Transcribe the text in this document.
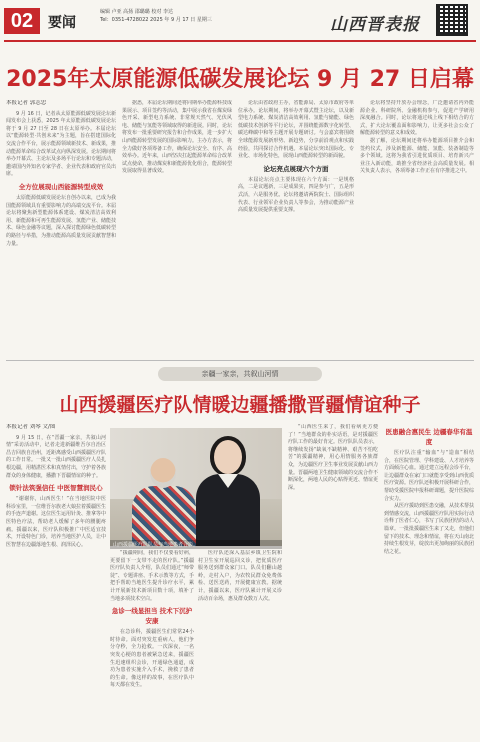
02	要闻
编辑 卢亚 高扬 邵璐璐 校对 李达
Tel：0351-4728022 2025 年 9 月 17 日 星期三	山西晋表报
2025年太原能源低碳发展论坛 9 月 27 日启幕
本报记者 郭志忠

9 月 16 日，记者从太原能源低碳发展论坛新闻发布会上获悉，2025 年太原能源低碳发展论坛将于 9 月 27 日至 28 日在太原举办。本届论坛以“能源转型·共创未来”为主题，旨在搭建国际化交流合作平台，展示能源领域新技术、新成果，推动能源革命综合改革试点向纵深发展。论坛期间将举办开幕式、主论坛及多场平行论坛和专题活动，邀请国内外知名专家学者、企业代表和政府官员出席。

全方位展现山西能源转型成效

太原能源低碳发展论坛自创办以来，已成为我国能源领域具有重要影响力的高端交流平台。本届论坛将聚焦新型能源体系建设、煤炭清洁高效利用、新能源和可再生能源发展、氢能产业、储能技术、绿色金融等议题，深入探讨能源绿色低碳转型的路径与举措，为推动能源高质量发展贡献智慧和力量。

据悉，本届论坛期间还将同期举办能源科技成果展示、项目签约等活动，集中展示我省在煤炭绿色开采、新型电力系统、非常规天然气、光伏风电、储能与氢能等领域取得的新进展。同时，论坛将发布一批重要研究报告和合作成果，进一步扩大山西能源转型发展的国际影响力。主办方表示，将全力做好各项筹备工作，确保论坛安全、有序、高效举办。近年来，山西坚决扛起能源革命综合改革试点使命，推动煤炭和新能源优化组合，能源转型发展取得显著成效。

论坛由省政府主办，省能源局、太原市政府等单位承办。论坛期间，将举办开幕式暨主论坛，以及新型电力系统、煤炭清洁高效利用、氢能与储能、绿色低碳技术创新等平行论坛，并围绕能源数字化转型、碳达峰碳中和等主题开展专题研讨。与会嘉宾将围绕全球能源发展新形势、新趋势，分享前沿观点和实践经验，共同探讨合作机遇。本届论坛突出国际化、专业化、市场化特色，展现山西能源转型的新面貌。

论坛亮点展现六个方面

本届论坛亮点主要体现在六个方面：一是规格高，二是议题新，三是成果实，四是参与广，五是形式活，六是服务优。论坛将邀请两院院士、国际组织代表、行业领军企业负责人等参会，为推动能源产业高质量发展提供重要支撑。

论坛将坚持开放办会理念，广泛邀请省内外能源企业、科研院所、金融机构参与，促进产学研用深度融合。同时，论坛将通过线上线下相结合的方式，扩大论坛覆盖面和影响力，让更多社会公众了解能源转型的意义和成效。

据了解，论坛期间还将举办能源项目推介会和签约仪式，涉及新能源、储能、氢能、装备制造等多个领域。这将为我省引进优质项目、培育新兴产业注入新动能，助推全省经济社会高质量发展。相关负责人表示，各项筹备工作正在有序推进之中。

亲疆一家亲，共叙山河情
山西援疆医疗队情暖边疆播撒晋疆情谊种子
本报记者 刘琴 文/图

9 月 15 日，在“晋疆一家亲，共叙山河情”采访活动中，记者走进新疆维吾尔自治区昌吉回族自治州，近距离感受山西援疆医疗队的工作日常。一批又一批山西援疆医疗人员扎根边疆，用精湛医术和真情付出，守护着各族群众的身体健康，播撒下晋疆情谊的种子。

锁针法筑强信任 中医智慧润民心

“谢谢你，山西医生！”在当地医院中医科诊室里，一位维吾尔族老大娘拉着援疆医生的手连声道谢。这位医生运用针灸、推拿等中医特色疗法，帮助老人缓解了多年的腰腿疼痛。援疆以来，医疗队积极推广中医适宜技术，开设特色门诊，培养当地医护人员，让中医智慧在边疆落地生根、润泽民心。	山西援疆医疗队队员与当地患者合影。

“援疆期间，我们不仅要看好病，更要留下一支带不走的医疗队。”援疆医疗队负责人介绍，队员们通过“师带徒”、专题讲座、手术示教等方式，手把手帮助当地医生提升诊疗水平，累计开展新技术新项目数十项，填补了当地多项技术空白。

急诊一线显担当 技术下沉护安康

在急诊科，援疆医生们常常24小时待命。面对突发危重病人，他们争分夺秒，全力抢救。一次深夜，一名突发心梗的患者被紧急送来，援疆医生迅速组织会诊，开通绿色通道，成功为患者实施介入手术，挽救了患者的生命。像这样的故事，在医疗队中每天都在发生。

医疗队还深入基层乡镇卫生院和村卫生室开展巡回义诊，把优质医疗服务送到群众家门口。队员们翻山越岭，走村入户，为农牧民群众免费体检、送医送药，开展健康宣教。据统计，援疆以来，医疗队累计开展义诊活动百余场，惠及群众数万人次。

“山西医生来了，我们看病更方便了！”当地群众的朴实话语，是对援疆医疗队工作的最好肯定。医疗队队员表示，将继续发扬“缺氧不缺精神、艰苦不怕吃苦”的援疆精神，用心用情服务各族群众，为边疆医疗卫生事业发展贡献山西力量。晋疆两地卫生健康领域的交流合作不断深化，两地人民的心贴得更近、情谊更深。

医患融合惠民生 边疆春华有温度

医疗队注重“输血”与“造血”相结合，在医院管理、学科建设、人才培养等方面倾注心血。通过建立远程会诊平台，让边疆群众在家门口就能享受到山西优质医疗资源。医疗队还积极开展科研合作，帮助受援医院申报科研课题，提升医院综合实力。

从医疗援助到医患交融，从技术帮扶到情感交流，山西援疆医疗队用实际行动诠释了医者仁心，书写了民族团结的动人篇章。一批批援疆医生来了又走，但他们留下的技术、理念和情谊，将在天山南北持续生根发芽，绽放出更加绚丽的民族团结之花。
